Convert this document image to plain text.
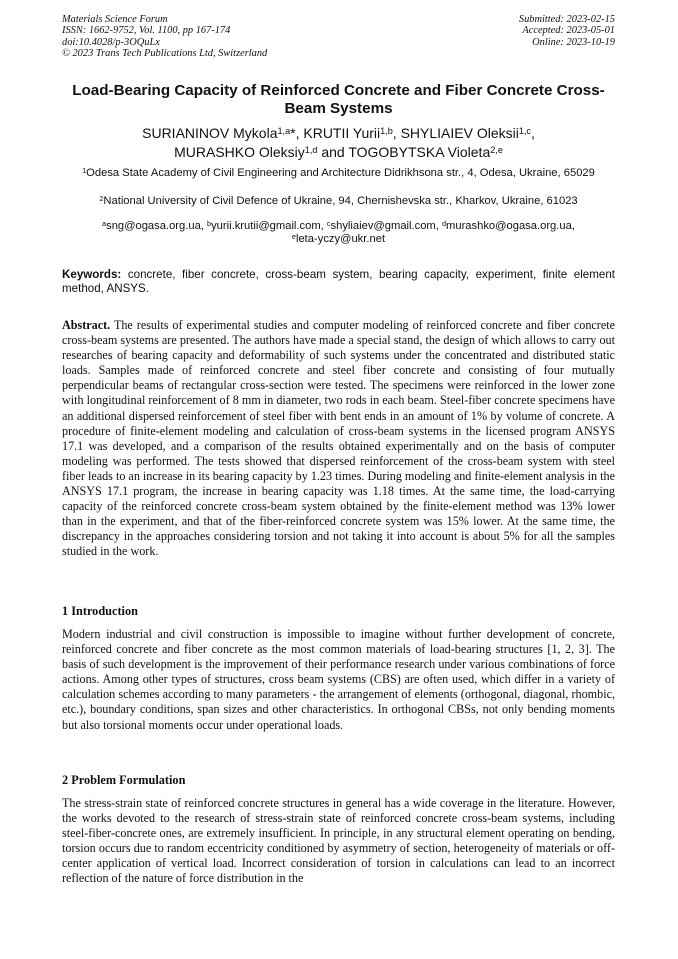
Materials Science Forum
ISSN: 1662-9752, Vol. 1100, pp 167-174
doi:10.4028/p-3OQuLx
© 2023 Trans Tech Publications Ltd, Switzerland
Submitted: 2023-02-15
Accepted: 2023-05-01
Online: 2023-10-19
Load-Bearing Capacity of Reinforced Concrete and Fiber Concrete Cross-Beam Systems
SURIANINOV Mykola$^{1,a}$*, KRUTII Yurii$^{1,b}$, SHYLIAIEV Oleksii$^{1,c}$,
MURASHKO Oleksiy$^{1,d}$ and TOGOBYTSKA Violeta$^{2,e}$
$^1$Odesa State Academy of Civil Engineering and Architecture Didrikhsona str., 4, Odesa, Ukraine, 65029
$^2$National University of Civil Defence of Ukraine, 94, Chernishevska str., Kharkov, Ukraine, 61023
$^a$sng@ogasa.org.ua, $^b$yurii.krutii@gmail.com, $^c$shyliaiev@gmail.com, $^d$murashko@ogasa.org.ua,
$^e$leta-yczy@ukr.net
Keywords: concrete, fiber concrete, cross-beam system, bearing capacity, experiment, finite element method, ANSYS.
Abstract. The results of experimental studies and computer modeling of reinforced concrete and fiber concrete cross-beam systems are presented. The authors have made a special stand, the design of which allows to carry out researches of bearing capacity and deformability of such systems under the concentrated and distributed static loads. Samples made of reinforced concrete and steel fiber concrete and consisting of four mutually perpendicular beams of rectangular cross-section were tested. The specimens were reinforced in the lower zone with longitudinal reinforcement of 8 mm in diameter, two rods in each beam. Steel-fiber concrete specimens have an additional dispersed reinforcement of steel fiber with bent ends in an amount of 1% by volume of concrete. A procedure of finite-element modeling and calculation of cross-beam systems in the licensed program ANSYS 17.1 was developed, and a comparison of the results obtained experimentally and on the basis of computer modeling was performed. The tests showed that dispersed reinforcement of the cross-beam system with steel fiber leads to an increase in its bearing capacity by 1.23 times. During modeling and finite-element analysis in the ANSYS 17.1 program, the increase in bearing capacity was 1.18 times. At the same time, the load-carrying capacity of the reinforced concrete cross-beam system obtained by the finite-element method was 13% lower than in the experiment, and that of the fiber-reinforced concrete system was 15% lower. At the same time, the discrepancy in the approaches considering torsion and not taking it into account is about 5% for all the samples studied in the work.
1 Introduction
Modern industrial and civil construction is impossible to imagine without further development of concrete, reinforced concrete and fiber concrete as the most common materials of load-bearing structures [1, 2, 3]. The basis of such development is the improvement of their performance research under various combinations of force actions. Among other types of structures, cross beam systems (CBS) are often used, which differ in a variety of calculation schemes according to many parameters - the arrangement of elements (orthogonal, diagonal, rhombic, etc.), boundary conditions, span sizes and other characteristics. In orthogonal CBSs, not only bending moments but also torsional moments occur under operational loads.
2 Problem Formulation
The stress-strain state of reinforced concrete structures in general has a wide coverage in the literature. However, the works devoted to the research of stress-strain state of reinforced concrete cross-beam systems, including steel-fiber-concrete ones, are extremely insufficient. In principle, in any structural element operating on bending, torsion occurs due to random eccentricity conditioned by asymmetry of section, heterogeneity of materials or off-center application of vertical load. Incorrect consideration of torsion in calculations can lead to an incorrect reflection of the nature of force distribution in the
